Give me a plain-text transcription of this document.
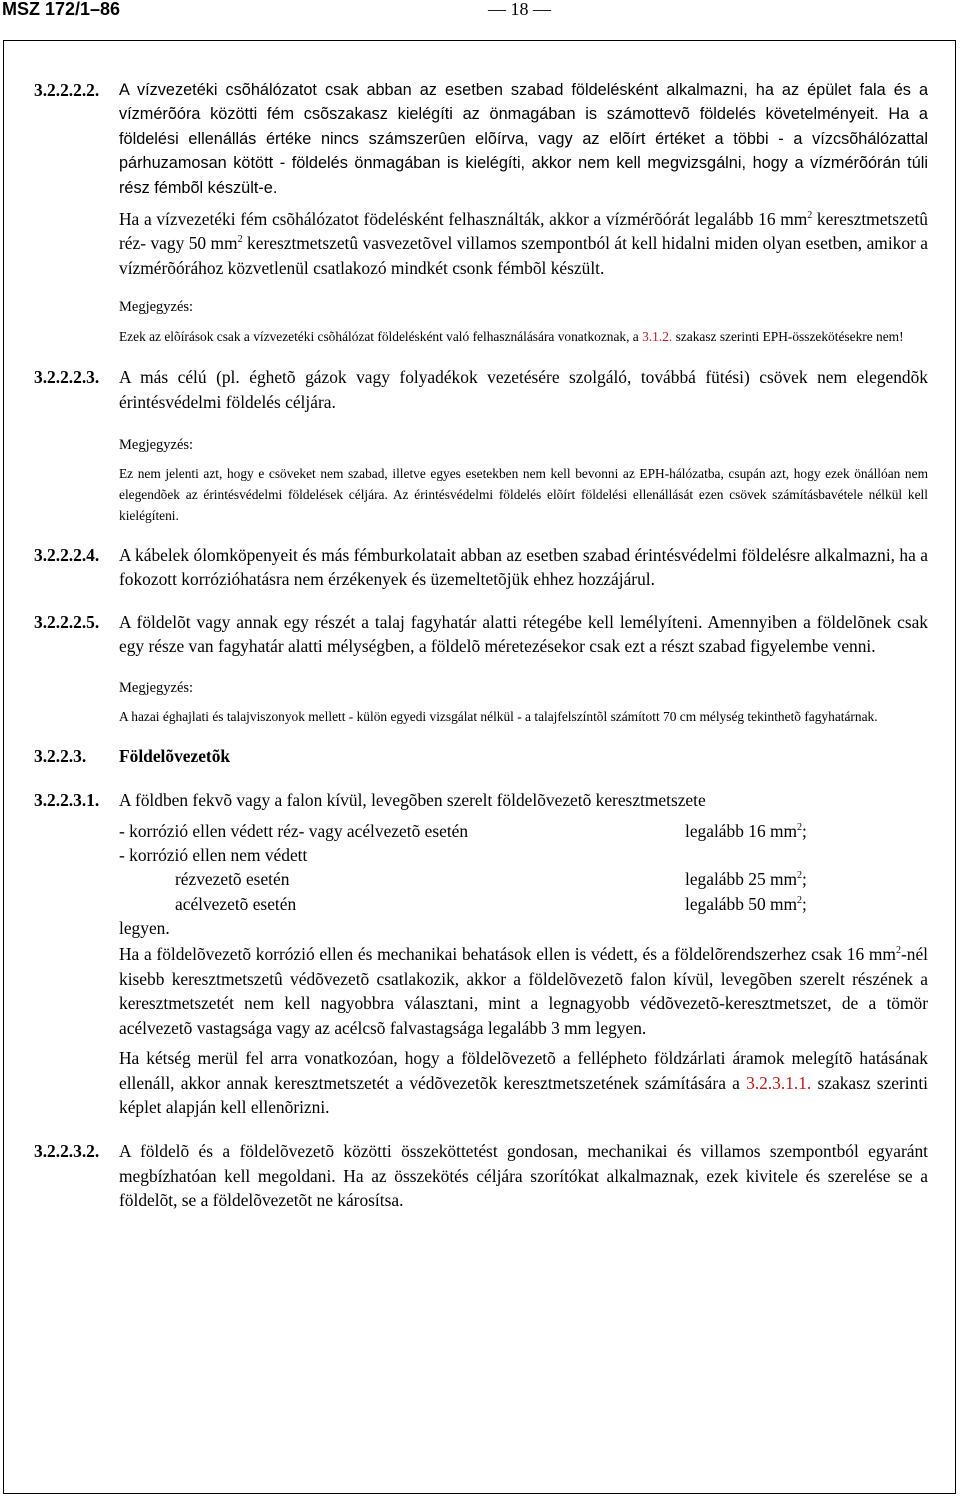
MSZ 172/1–86	— 18 —
3.2.2.2.2. A vízvezetéki csõhálózatot csak abban az esetben szabad földelésként alkalmazni, ha az épület fala és a vízmérõóra közötti fém csõszakasz kielégíti az önmagában is számottevõ földelés követelményeit. Ha a földelési ellenállás értéke nincs számszerûen elõírva, vagy az elõírt értéket a többi - a vízcsõhálózattal párhuzamosan kötött - földelés önmagában is kielégíti, akkor nem kell megvizsgálni, hogy a vízmérõórán túli rész fémbõl készült-e.

Ha a vízvezetéki fém csõhálózatot födelésként felhasználták, akkor a vízmérõórát legalább 16 $mm^2$ keresztmetszetû réz- vagy 50 $mm^2$ keresztmetszetû vasvezetõvel villamos szempontból át kell hidalni miden olyan esetben, amikor a vízmérõórához közvetlenül csatlakozó mindkét csonk fémbõl készült.

Megjegyzés:

Ezek az elõírások csak a vízvezetéki csõhálózat földelésként való felhasználására vonatkoznak, a 3.1.2. szakasz szerinti EPH-összekötésekre nem!

3.2.2.2.3. A más célú (pl. éghetõ gázok vagy folyadékok vezetésére szolgáló, továbbá fütési) csövek nem elegendõk érintésvédelmi földelés céljára.

Megjegyzés:

Ez nem jelenti azt, hogy e csöveket nem szabad, illetve egyes esetekben nem kell bevonni az EPH-hálózatba, csupán azt, hogy ezek önállóan nem elegendõek az érintésvédelmi földelések céljára. Az érintésvédelmi földelés elõírt földelési ellenállását ezen csövek számításbavétele nélkül kell kielégíteni.

3.2.2.2.4. A kábelek ólomköpenyeit és más fémburkolatait abban az esetben szabad érintésvédelmi földelésre alkalmazni, ha a fokozott korrózióhatásra nem érzékenyek és üzemeltetõjük ehhez hozzájárul.

3.2.2.2.5. A földelõt vagy annak egy részét a talaj fagyhatár alatti rétegébe kell lemélyíteni. Amennyiben a földelõnek csak egy része van fagyhatár alatti mélységben, a földelõ méretezésekor csak ezt a részt szabad figyelembe venni.

Megjegyzés:

A hazai éghajlati és talajviszonyok mellett - külön egyedi vizsgálat nélkül - a talajfelszíntõl számított 70 cm mélység tekinthetõ fagyhatárnak.

3.2.2.3. Földelõvezetõk

3.2.2.3.1. A földben fekvõ vagy a falon kívül, levegõben szerelt földelõvezetõ keresztmetszete

- korrózió ellen védett réz- vagy acélvezetõ esetén	legalább 16 $mm^2$;
- korrózió ellen nem védett
rézvezetõ esetén	legalább 25 $mm^2$;
acélvezetõ esetén	legalább 50 $mm^2$;

legyen.

Ha a földelõvezetõ korrózió ellen és mechanikai behatások ellen is védett, és a földelõrendszerhez csak 16 $mm^2$-nél kisebb keresztmetszetû védõvezetõ csatlakozik, akkor a földelõvezetõ falon kívül, levegõben szerelt részének a keresztmetszetét nem kell nagyobbra választani, mint a legnagyobb védõvezetõ-keresztmetszet, de a tömör acélvezetõ vastagsága vagy az acélcsõ falvastagsága legalább 3 mm legyen.

Ha kétség merül fel arra vonatkozóan, hogy a földelõvezetõ a fellépheto földzárlati áramok melegítõ hatásának ellenáll, akkor annak keresztmetszetét a védõvezetõk keresztmetszetének számítására a 3.2.3.1.1. szakasz szerinti képlet alapján kell ellenõrizni.

3.2.2.3.2. A földelõ és a földelõvezetõ közötti összeköttetést gondosan, mechanikai és villamos szempontból egyaránt megbízhatóan kell megoldani. Ha az összekötés céljára szorítókat alkalmaznak, ezek kivitele és szerelése se a földelõt, se a földelõvezetõt ne károsítsa.
